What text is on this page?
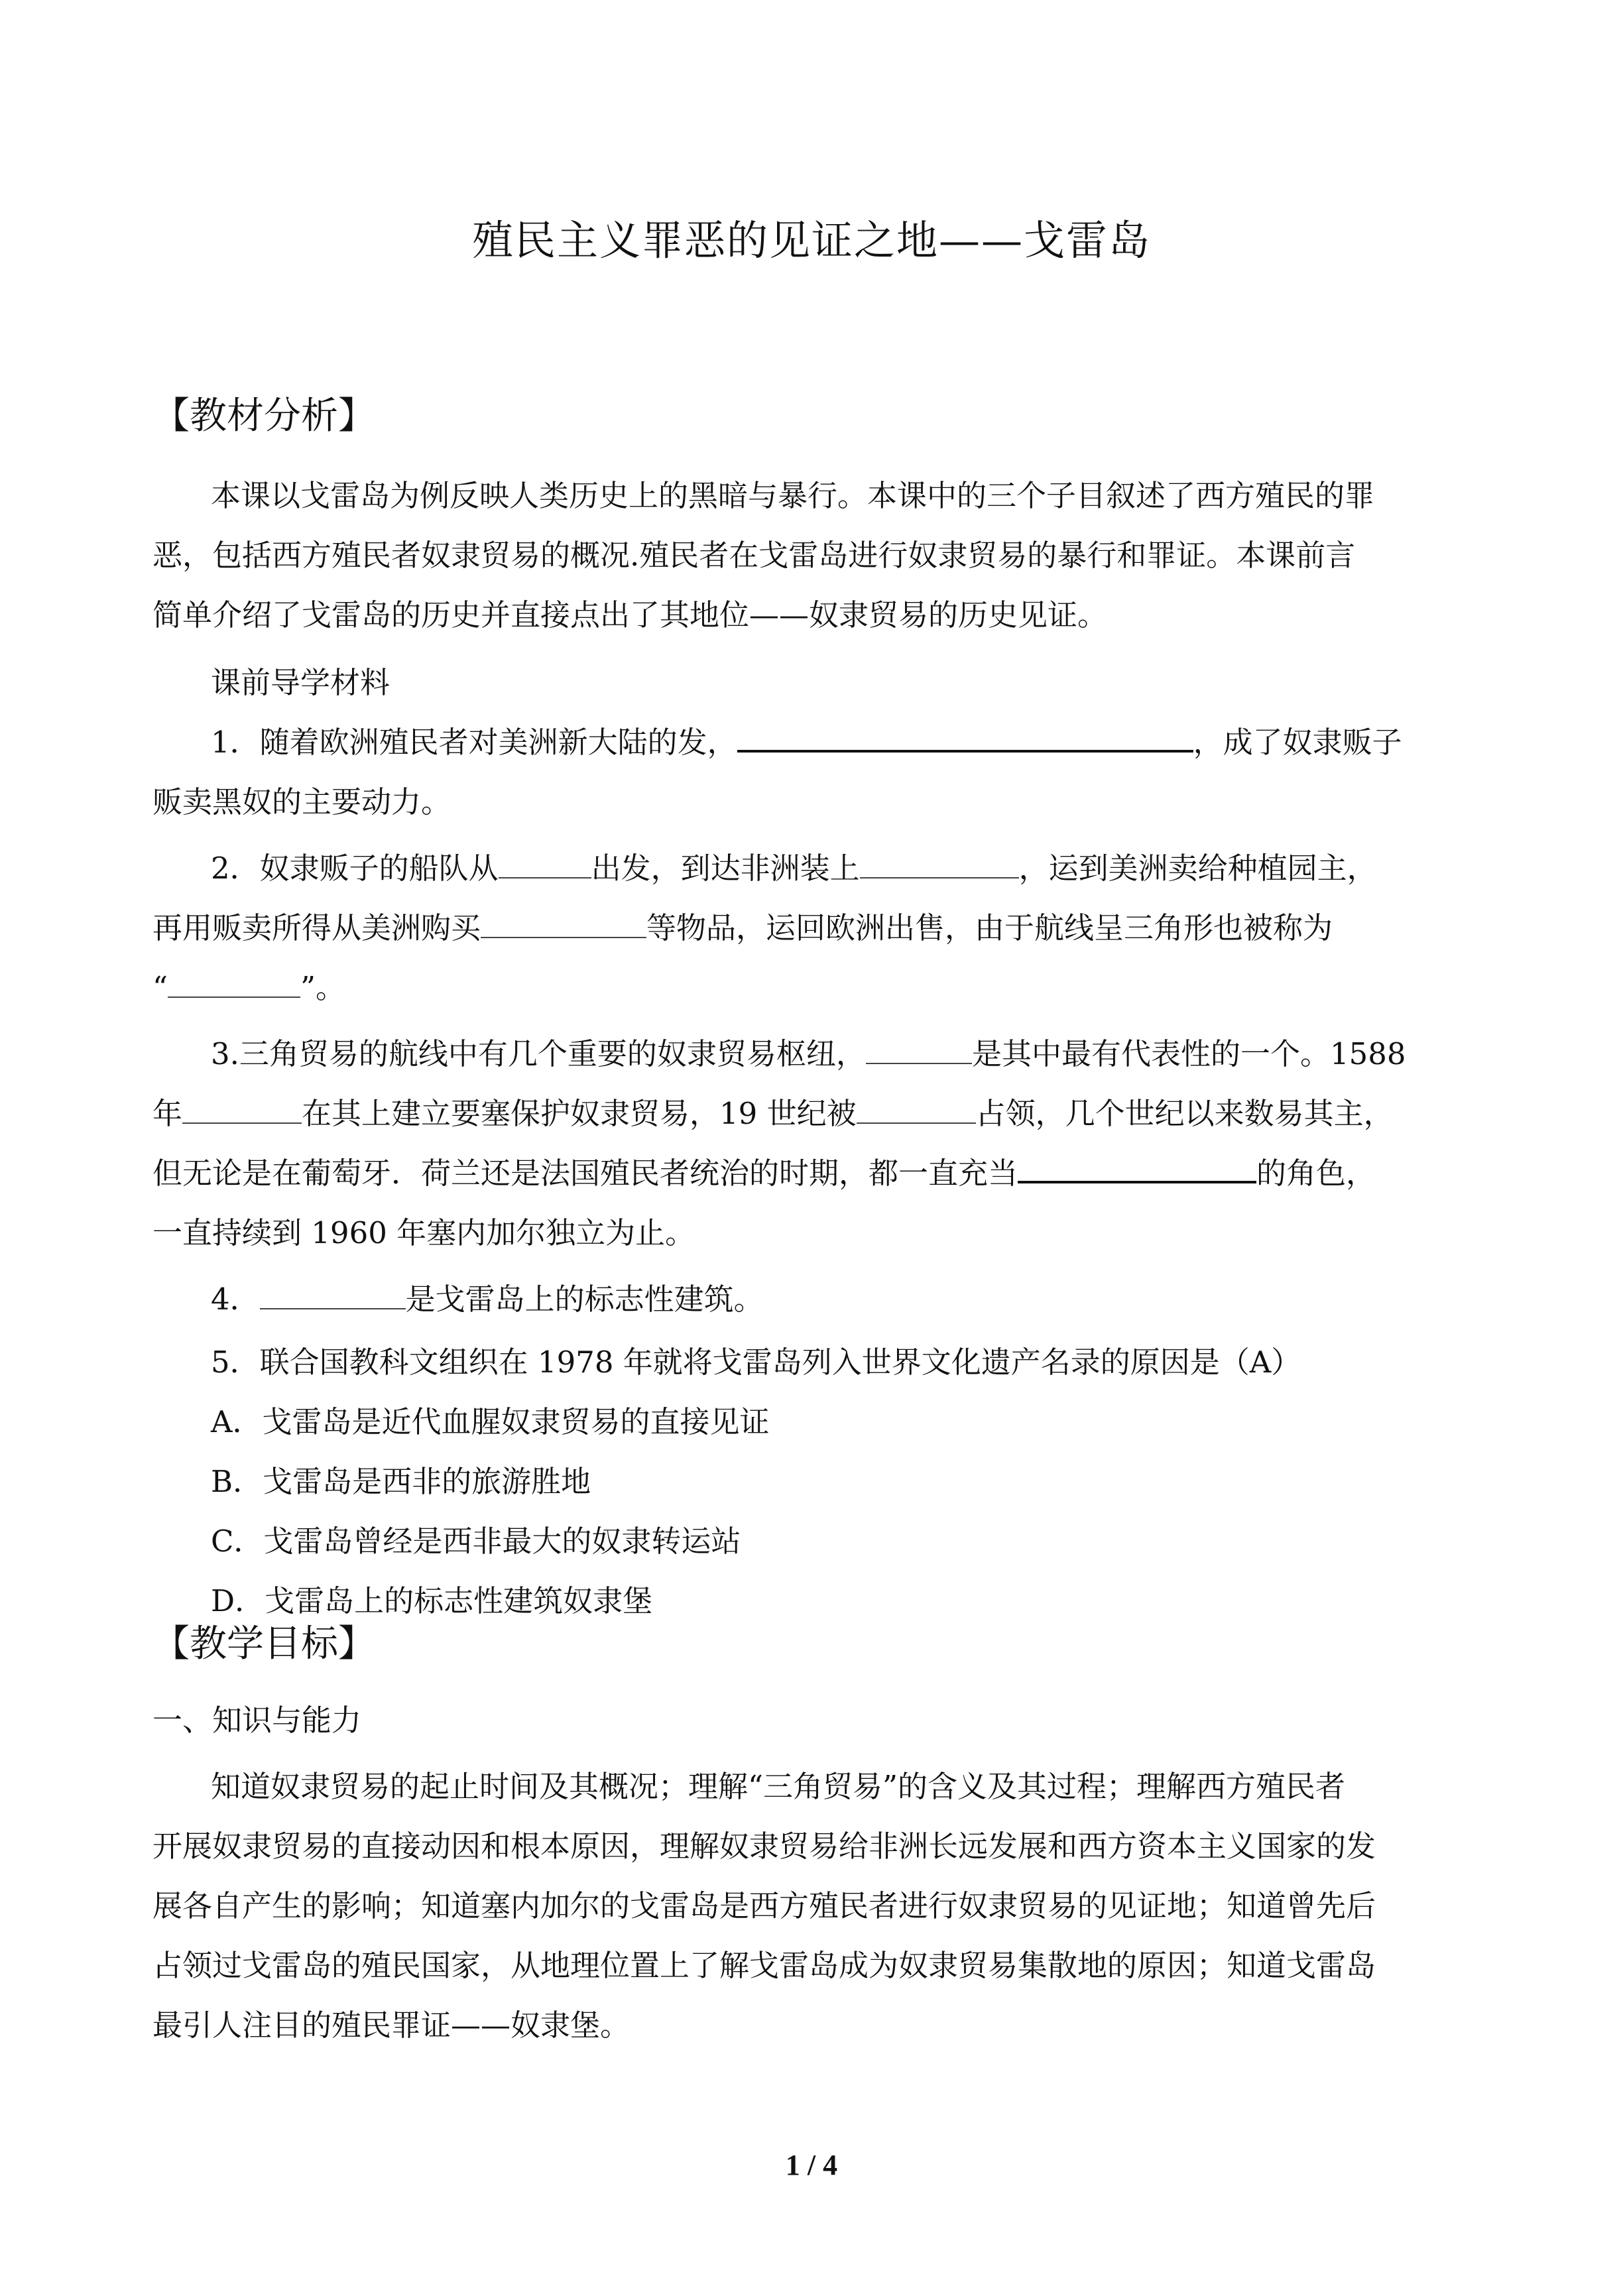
殖民主义罪恶的见证之地——戈雷岛
【教材分析】
本课以戈雷岛为例反映人类历史上的黑暗与暴行。本课中的三个子目叙述了西方殖民的罪
恶，包括西方殖民者奴隶贸易的概况.殖民者在戈雷岛进行奴隶贸易的暴行和罪证。本课前言
简单介绍了戈雷岛的历史并直接点出了其地位——奴隶贸易的历史见证。
课前导学材料
1．随着欧洲殖民者对美洲新大陆的发，	，成了奴隶贩子
贩卖黑奴的主要动力。
2．奴隶贩子的船队从	出发，到达非洲装上	，运到美洲卖给种植园主，
再用贩卖所得从美洲购买	等物品，运回欧洲出售，由于航线呈三角形也被称为
“	”。
3.三角贸易的航线中有几个重要的奴隶贸易枢纽，	是其中最有代表性的一个。1588
年	在其上建立要塞保护奴隶贸易，19 世纪被	占领，几个世纪以来数易其主，
但无论是在葡萄牙．荷兰还是法国殖民者统治的时期，都一直充当	的角色，
一直持续到 1960 年塞内加尔独立为止。
4．	是戈雷岛上的标志性建筑。
5．联合国教科文组织在 1978 年就将戈雷岛列入世界文化遗产名录的原因是（A）
A．戈雷岛是近代血腥奴隶贸易的直接见证
B．戈雷岛是西非的旅游胜地
C．戈雷岛曾经是西非最大的奴隶转运站
D．戈雷岛上的标志性建筑奴隶堡
【教学目标】
一、知识与能力
知道奴隶贸易的起止时间及其概况；理解“三角贸易”的含义及其过程；理解西方殖民者
开展奴隶贸易的直接动因和根本原因，理解奴隶贸易给非洲长远发展和西方资本主义国家的发
展各自产生的影响；知道塞内加尔的戈雷岛是西方殖民者进行奴隶贸易的见证地；知道曾先后
占领过戈雷岛的殖民国家，从地理位置上了解戈雷岛成为奴隶贸易集散地的原因；知道戈雷岛
最引人注目的殖民罪证——奴隶堡。
1 / 4
